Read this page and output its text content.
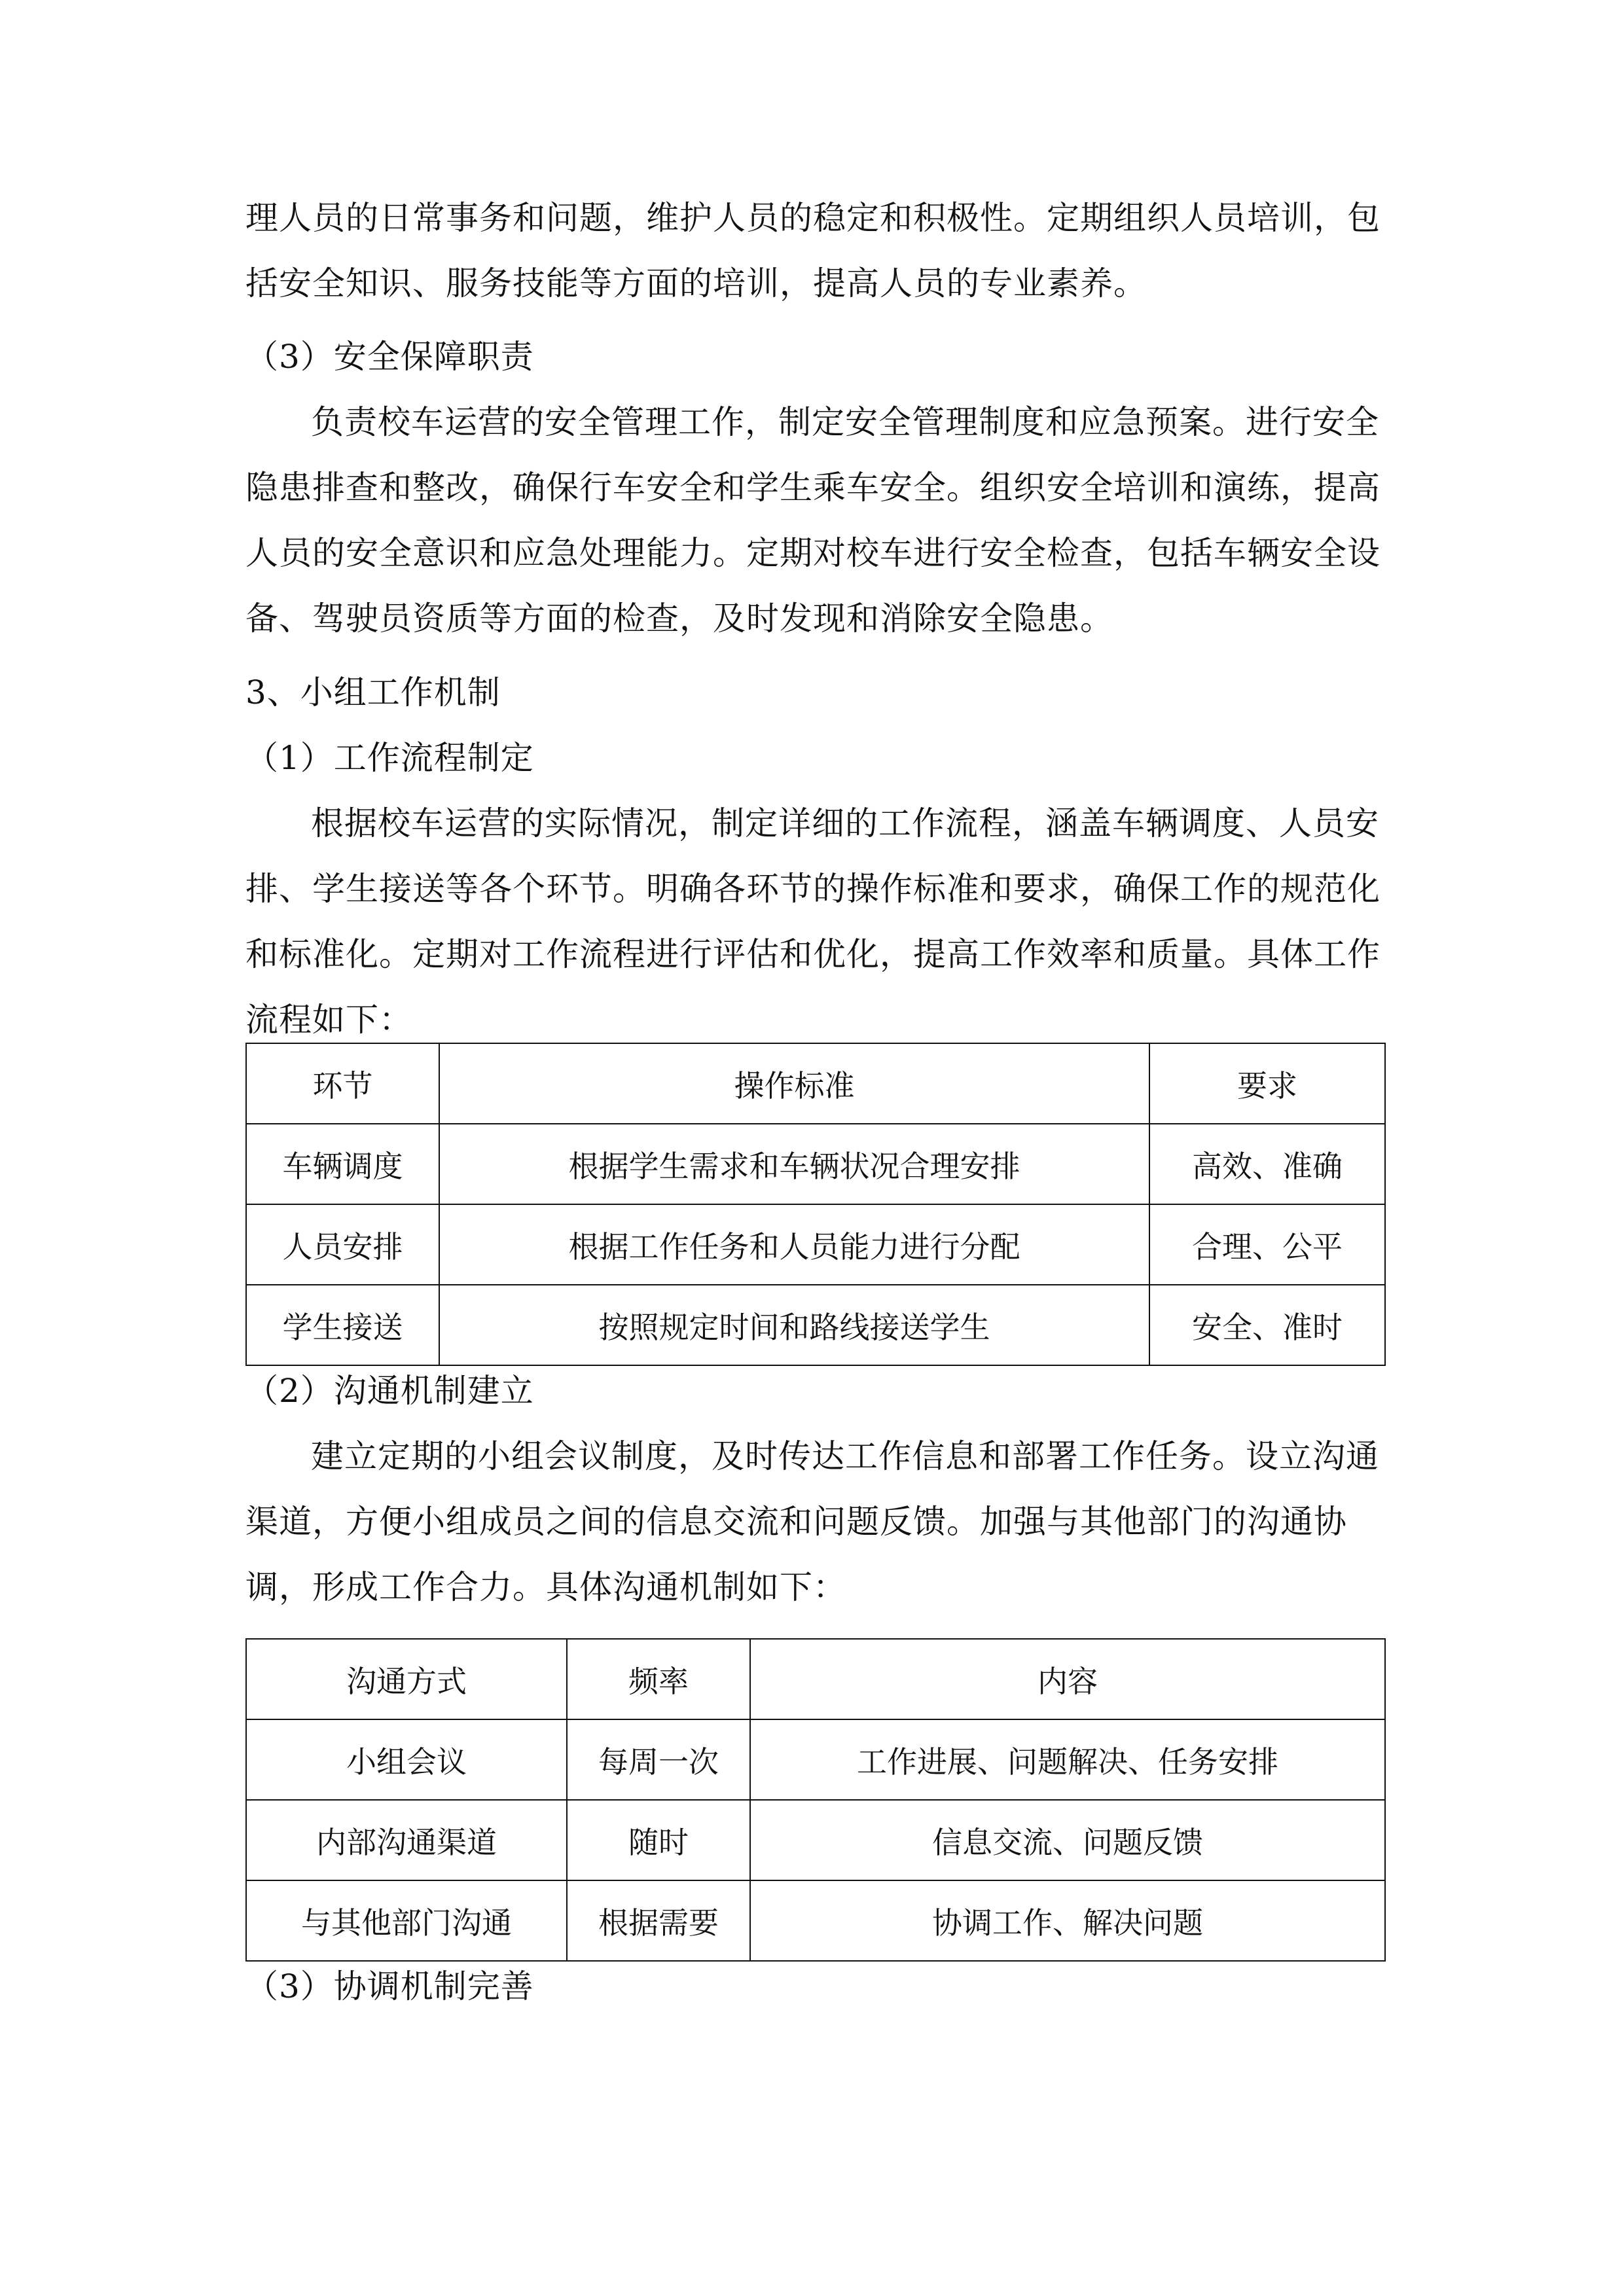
理人员的日常事务和问题，维护人员的稳定和积极性。定期组织人员培训，包
括安全知识、服务技能等方面的培训，提高人员的专业素养。
（3）安全保障职责
负责校车运营的安全管理工作，制定安全管理制度和应急预案。进行安全
隐患排查和整改，确保行车安全和学生乘车安全。组织安全培训和演练，提高
人员的安全意识和应急处理能力。定期对校车进行安全检查，包括车辆安全设
备、驾驶员资质等方面的检查，及时发现和消除安全隐患。
3、小组工作机制
（1）工作流程制定
根据校车运营的实际情况，制定详细的工作流程，涵盖车辆调度、人员安
排、学生接送等各个环节。明确各环节的操作标准和要求，确保工作的规范化
和标准化。定期对工作流程进行评估和优化，提高工作效率和质量。具体工作
流程如下：
环节	操作标准	要求
车辆调度	根据学生需求和车辆状况合理安排	高效、准确
人员安排	根据工作任务和人员能力进行分配	合理、公平
学生接送	按照规定时间和路线接送学生	安全、准时
（2）沟通机制建立
建立定期的小组会议制度，及时传达工作信息和部署工作任务。设立沟通
渠道，方便小组成员之间的信息交流和问题反馈。加强与其他部门的沟通协
调，形成工作合力。具体沟通机制如下：
沟通方式	频率	内容
小组会议	每周一次	工作进展、问题解决、任务安排
内部沟通渠道	随时	信息交流、问题反馈
与其他部门沟通	根据需要	协调工作、解决问题
（3）协调机制完善
